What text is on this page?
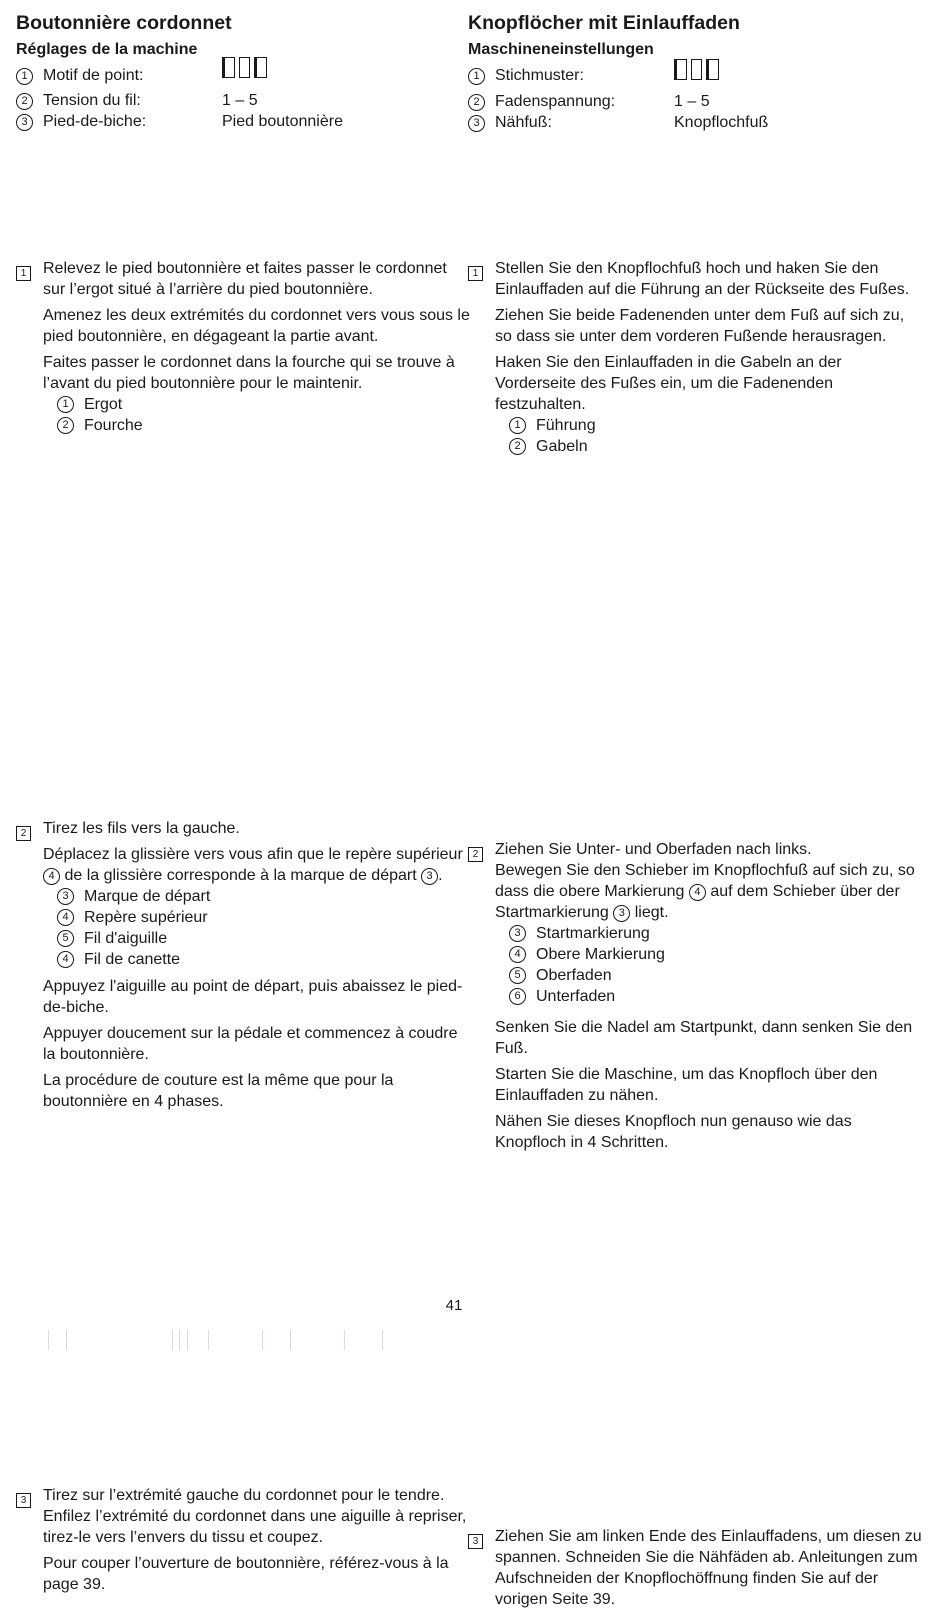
Boutonnière cordonnet
Réglages de la machine
1 Motif de point:
2 Tension du fil:	1 – 5
3 Pied-de-biche:	Pied boutonnière
1 Relevez le pied boutonnière et faites passer le cordonnet sur l’ergot situé à l’arrière du pied boutonnière.

Amenez les deux extrémités du cordonnet vers vous sous le pied boutonnière, en dégageant la partie avant.

Faites passer le cordonnet dans la fourche qui se trouve à l’avant du pied boutonnière pour le maintenir.

1 Ergot
2 Fourche
2 Tirez les fils vers la gauche.

Déplacez la glissière vers vous afin que le repère supérieur 4 de la glissière corresponde à la marque de départ 3 .

3 Marque de départ
4 Repère supérieur
5 Fil d'aiguille
4 Fil de canette

Appuyez l'aiguille au point de départ, puis abaissez le pied-de-biche.

Appuyer doucement sur la pédale et commencez à coudre la boutonnière.

La procédure de couture est la même que pour la boutonnière en 4 phases.

3 Tirez sur l’extrémité gauche du cordonnet pour le tendre. Enfilez l’extrémité du cordonnet dans une aiguille à repriser, tirez-le vers l’envers du tissu et coupez.

Pour couper l’ouverture de boutonnière, référez-vous à la page 39.

Knopflöcher mit Einlauffaden
Maschineneinstellungen
1 Stichmuster:
2 Fadenspannung:	1 – 5
3 Nähfuß:	Knopflochfuß
1 Stellen Sie den Knopflochfuß hoch und haken Sie den Einlauffaden auf die Führung an der Rückseite des Fußes.

Ziehen Sie beide Fadenenden unter dem Fuß auf sich zu, so dass sie unter dem vorderen Fußende herausragen.

Haken Sie den Einlauffaden in die Gabeln an der Vorderseite des Fußes ein, um die Fadenenden festzuhalten.

1 Führung
2 Gabeln
2 Ziehen Sie Unter- und Oberfaden nach links.

Bewegen Sie den Schieber im Knopflochfuß auf sich zu, so dass die obere Markierung 4 auf dem Schieber über der Startmarkierung 3 liegt.

3 Startmarkierung
4 Obere Markierung
5 Oberfaden
6 Unterfaden

Senken Sie die Nadel am Startpunkt, dann senken Sie den Fuß.

Starten Sie die Maschine, um das Knopfloch über den Einlauffaden zu nähen.

Nähen Sie dieses Knopfloch nun genauso wie das Knopfloch in 4 Schritten.

3 Ziehen Sie am linken Ende des Einlauffadens, um diesen zu spannen. Schneiden Sie die Nähfäden ab. Anleitungen zum Aufschneiden der Knopflochöffnung finden Sie auf der vorigen Seite 39.

41
